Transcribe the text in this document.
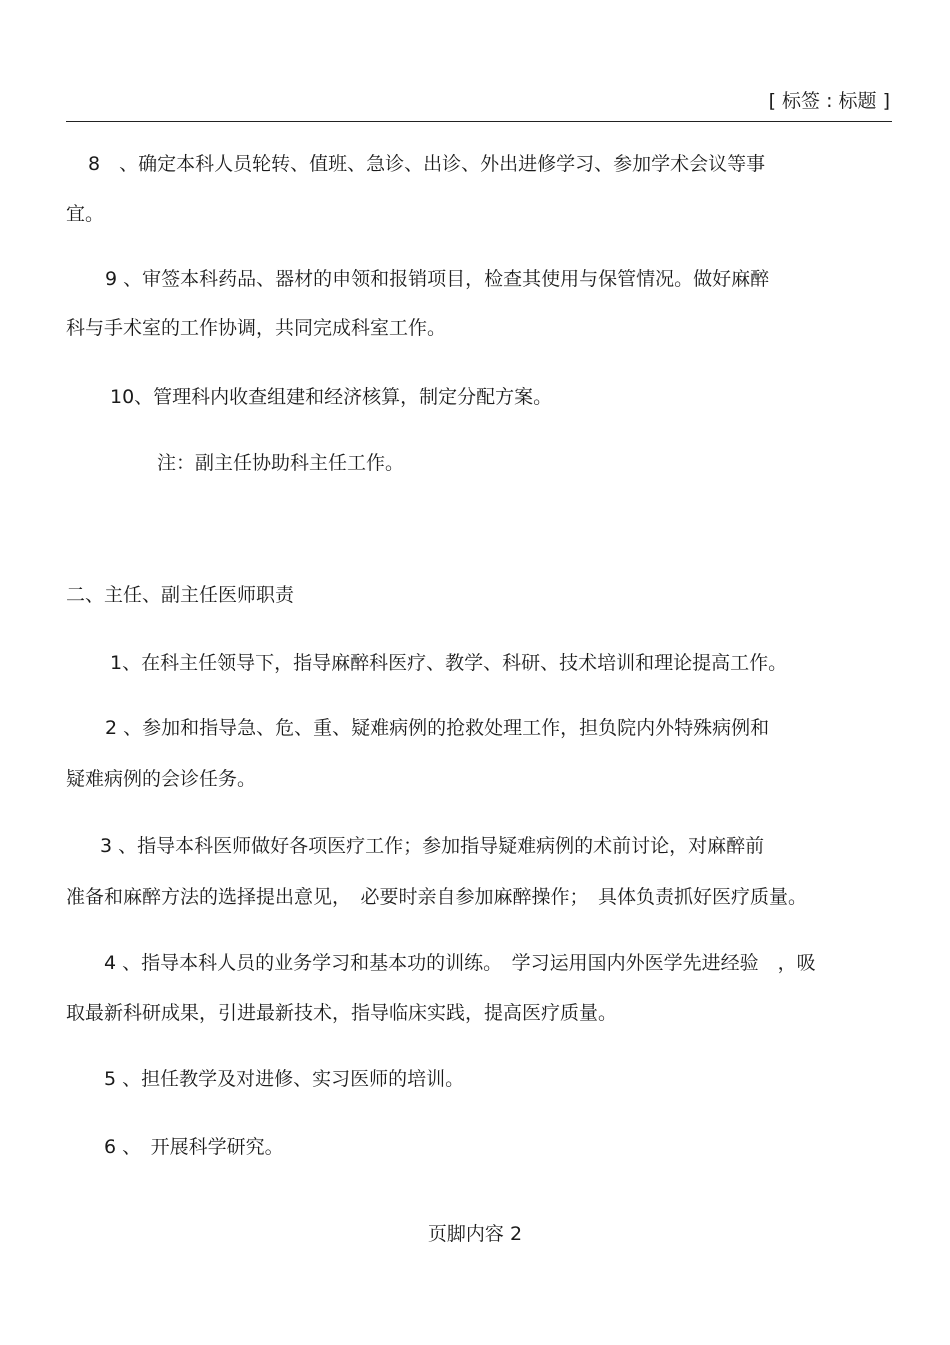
[ 标签 : 标题 ]
8　、确定本科人员轮转、值班、急诊、出诊、外出进修学习、参加学术会议等事
宜。
9 、审签本科药品、器材的申领和报销项目，检查其使用与保管情况。做好麻醉
科与手术室的工作协调，共同完成科室工作。
10、管理科内收查组建和经济核算，制定分配方案。
注：副主任协助科主任工作。
二、主任、副主任医师职责
1、在科主任领导下，指导麻醉科医疗、教学、科研、技术培训和理论提高工作。
2 、参加和指导急、危、重、疑难病例的抢救处理工作，担负院内外特殊病例和
疑难病例的会诊任务。
3 、指导本科医师做好各项医疗工作；参加指导疑难病例的术前讨论，对麻醉前
准备和麻醉方法的选择提出意见，　必要时亲自参加麻醉操作；　具体负责抓好医疗质量。
4 、指导本科人员的业务学习和基本功的训练。　学习运用国内外医学先进经验　，吸
取最新科研成果，引进最新技术，指导临床实践，提高医疗质量。
5 、担任教学及对进修、实习医师的培训。
6 、　开展科学研究。
页脚内容 2
